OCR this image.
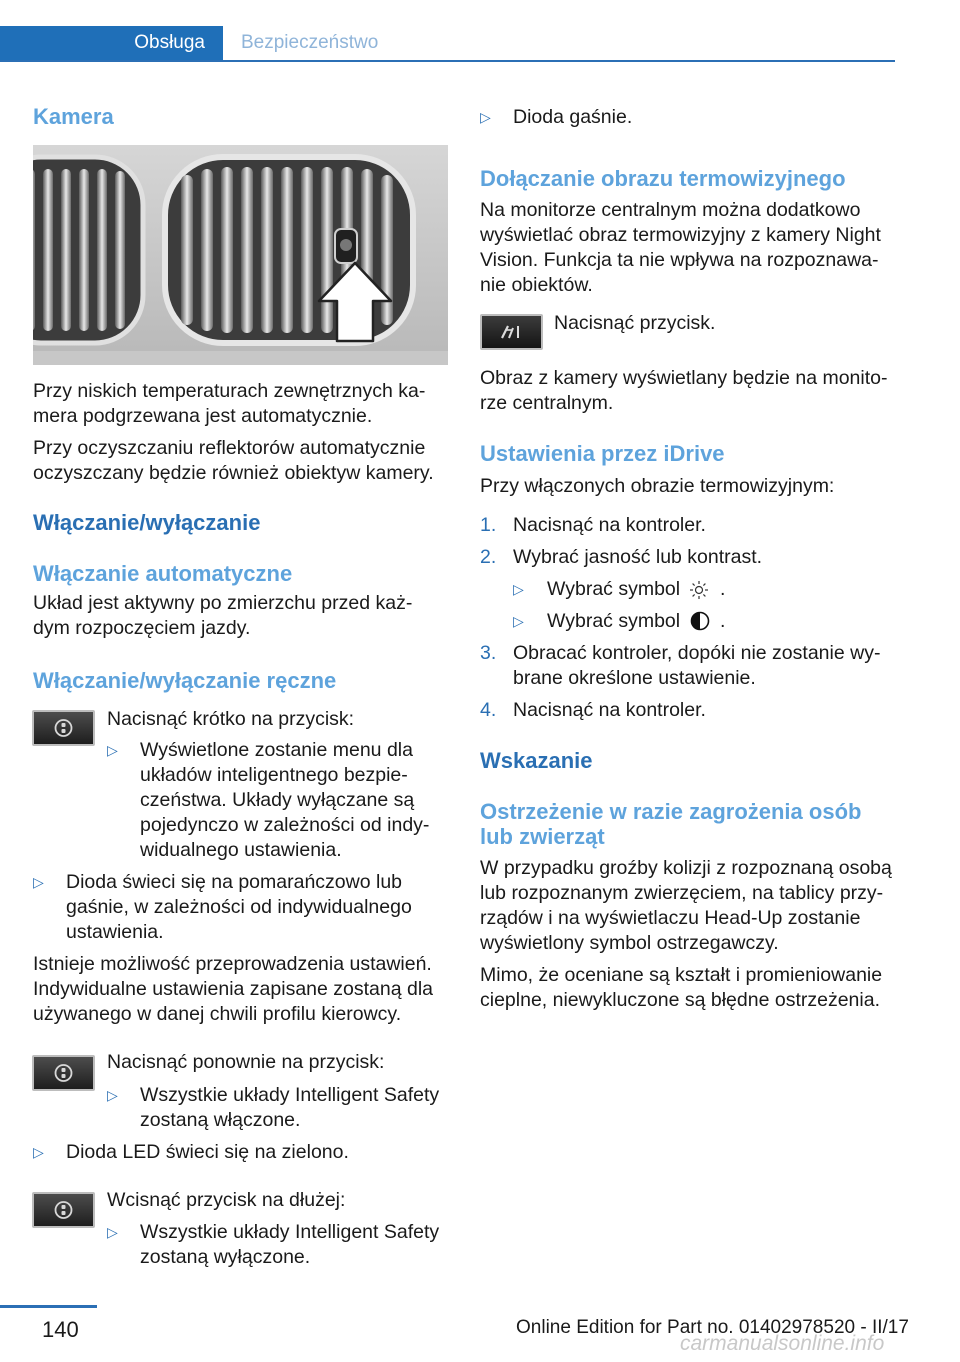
Obsługa	Bezpieczeństwo
Kamera
Przy niskich temperaturach zewnętrznych ka‐
mera podgrzewana jest automatycznie.
Przy oczyszczaniu reflektorów automatycznie
oczyszczany będzie również obiektyw kamery.
Włączanie/wyłączanie
Włączanie automatyczne
Układ jest aktywny po zmierzchu przed każ‐
dym rozpoczęciem jazdy.
Włączanie/wyłączanie ręczne
Nacisnąć krótko na przycisk:
▷ Wyświetlone zostanie menu dla
układów inteligentnego bezpie‐
czeństwa. Układy wyłączane są
pojedynczo w zależności od indy‐
widualnego ustawienia.
▷ Dioda świeci się na pomarańczowo lub
gaśnie, w zależności od indywidualnego
ustawienia.
Istnieje możliwość przeprowadzenia ustawień.
Indywidualne ustawienia zapisane zostaną dla
używanego w danej chwili profilu kierowcy.
Nacisnąć ponownie na przycisk:
▷ Wszystkie układy Intelligent Safety
zostaną włączone.
▷ Dioda LED świeci się na zielono.
Wcisnąć przycisk na dłużej:
▷ Wszystkie układy Intelligent Safety
zostaną wyłączone.
▷ Dioda gaśnie.
Dołączanie obrazu termowizyjnego
Na monitorze centralnym można dodatkowo
wyświetlać obraz termowizyjny z kamery Night
Vision. Funkcja ta nie wpływa na rozpoznawa‐
nie obiektów.
Nacisnąć przycisk.
Obraz z kamery wyświetlany będzie na monito‐
rze centralnym.
Ustawienia przez iDrive
Przy włączonych obrazie termowizyjnym:
1. Nacisnąć na kontroler.
2. Wybrać jasność lub kontrast.
▷ Wybrać symbol .
▷ Wybrać symbol .
3. Obracać kontroler, dopóki nie zostanie wy‐
brane określone ustawienie.
4. Nacisnąć na kontroler.
Wskazanie
Ostrzeżenie w razie zagrożenia osób
lub zwierząt
W przypadku groźby kolizji z rozpoznaną osobą
lub rozpoznanym zwierzęciem, na tablicy przy‐
rządów i na wyświetlaczu Head-Up zostanie
wyświetlony symbol ostrzegawczy.
Mimo, że oceniane są kształt i promieniowanie
cieplne, niewykluczone są błędne ostrzeżenia.
140	Online Edition for Part no. 01402978520 - II/17
carmanualsonline.info
